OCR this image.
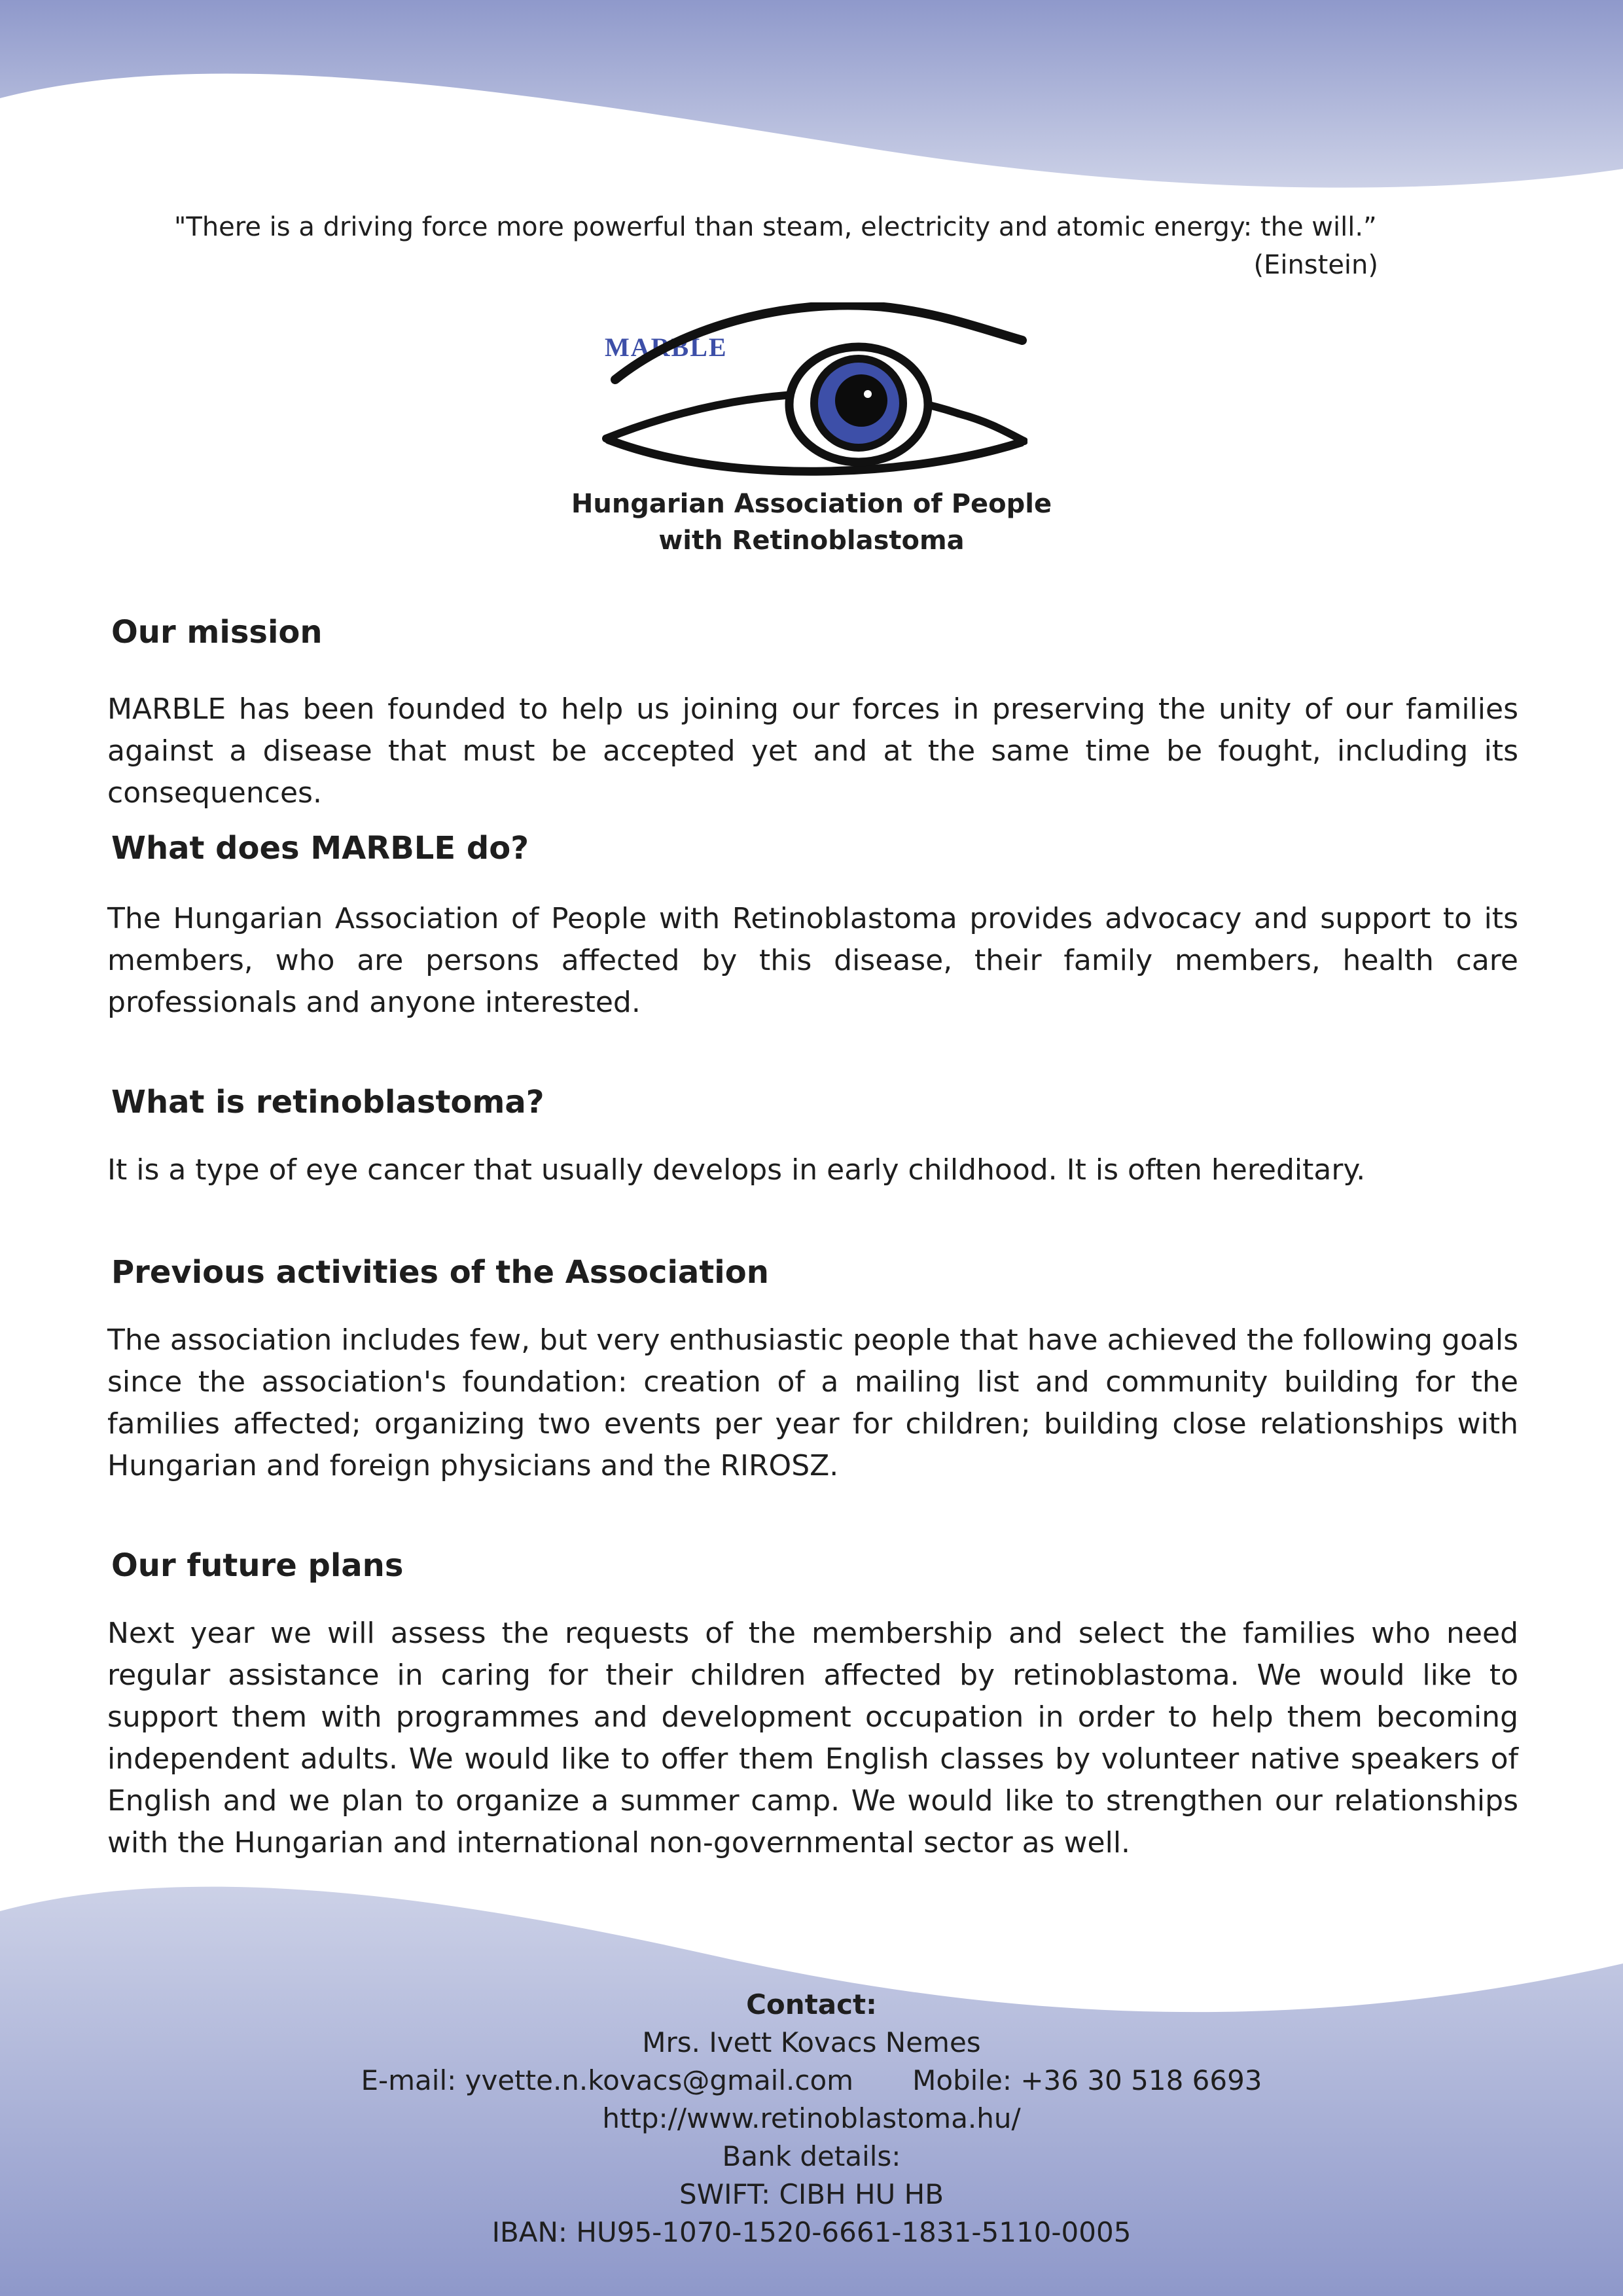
"There is a driving force more powerful than steam, electricity and atomic energy: the will.”
(Einstein)
MARBLE
Hungarian Association of People
with Retinoblastoma
Our mission

MARBLE has been founded to help us joining our forces in preserving the unity of our families against a disease that must be accepted yet and at the same time be fought, including its consequences.

What does MARBLE do?

The Hungarian Association of People with Retinoblastoma provides advocacy and support to its members, who are persons affected by this disease, their family members, health care professionals and anyone interested.

What is retinoblastoma?

It is a type of eye cancer that usually develops in early childhood. It is often hereditary.

Previous activities of the Association

The association includes few, but very enthusiastic people that have achieved the following goals since the association's foundation: creation of a mailing list and community building for the families affected; organizing two events per year for children; building close relationships with Hungarian and foreign physicians and the RIROSZ.

Our future plans

Next year we will assess the requests of the membership and select the families who need regular assistance in caring for their children affected by retinoblastoma. We would like to support them with programmes and development occupation in order to help them becoming independent adults. We would like to offer them English classes by volunteer native speakers of English and we plan to organize a summer camp. We would like to strengthen our relationships with the Hungarian and international non-governmental sector as well.

Contact:
Mrs. Ivett Kovacs Nemes
E-mail: yvette.n.kovacs@gmail.com Mobile: +36 30 518 6693
http://www.retinoblastoma.hu/
Bank details:
SWIFT: CIBH HU HB
IBAN: HU95-1070-1520-6661-1831-5110-0005
